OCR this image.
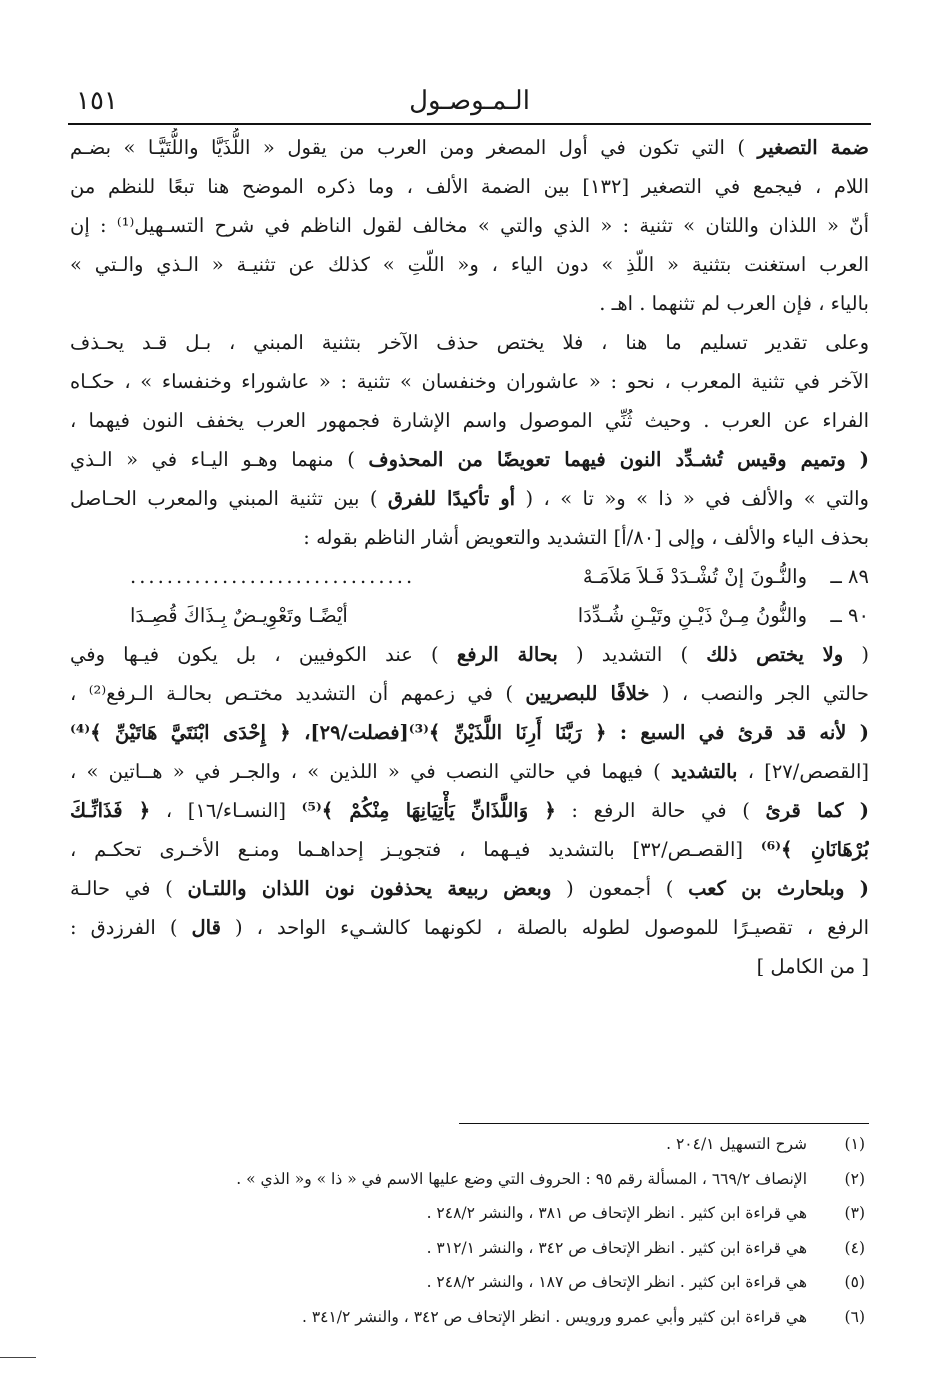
الـمـوصـول
١٥١
ضمة التصغير ) التي تكون في أول المصغر ومن العرب من يقول « اللُّذَيَّا واللُّتَيَّـا » بضـم
اللام ، فيجمع في التصغير [١٣٢] بين الضمة الألف ، وما ذكره الموضح هنا تبعًا للنظم من
أنّ « اللذان واللتان » تثنية : « الذي والتي » مخالف لقول الناظم في شرح التسـهيل⁽¹⁾ : إن
العرب استغنت بتثنية « اللّذِ » دون الياء ، و« اللّتِ » كذلك عن تثنيـة « الـذي والـتي »
بالياء ، فإن العرب لم تثنهما . اهـ .
وعلى تقدير تسليم ما هنا ، فلا يختص حذف الآخر بتثنية المبني ، بـل قـد يحـذف
الآخر في تثنية المعرب ، نحو : « عاشوران وخنفسان » تثنية : « عاشوراء وخنفساء » ، حكـاه
الفراء عن العرب . وحيث ثُنِّي الموصول واسم الإشارة فجمهور العرب يخفف النون فيهما ،
( وتميم وقيس تُشـدِّد النون فيهما تعويضًا من المحذوف ) منهما وهـو اليـاء في « الـذي
والتي » والألف في « ذا » و« تا » ، ( أو تأكيدًا للفرق ) بين تثنية المبني والمعرب الحـاصل
بحذف الياء والألف ، وإلى [٨٠/أ] التشديد والتعويض أشار الناظم بقوله :
٨٩ ــ
والنُّـونَ إنْ تُشْـدَدْ فَـلاَ مَلاَمَـهْ
...............................
٩٠ ــ
والنُّونُ مِـنْ ذَيْـنِ وتَيْـنِ شُـدِّدَا
أيْضًـا وتَعْوِيـضٌ بِـذَاكَ قُصِـدَا
( ولا يختص ذلك ) التشديد ( بحالة الرفع ) عند الكوفيين ، بل يكون فيـها وفي
حالتي الجر والنصب ، ( خلافًا للبصريين ) في زعمهم أن التشديد مختـص بحالـة الـرفع⁽²⁾ ،
( لأنه قد قرئ في السبع : ﴿ رَبَّنَا أَرِنَا اللَّذَيْنِّ ﴾⁽³⁾[فصلت/٢٩]، ﴿ إِحْدَى ابْنَتَيَّ هَاتَيْنِّ ﴾⁽⁴⁾
[القصص/٢٧] ، بالتشديد ) فيهما في حالتي النصب في « اللذين » ، والجـر في « هــاتين » ،
( كما قرئ ) في حالة الرفع : ﴿ وَاللَّذَانِّ يَأْتِيَانِهَا مِنْكُمْ ﴾⁽⁵⁾ [النسـاء/١٦] ، ﴿ فَذَانِّـكَ
بُرْهَانَانِ ﴾⁽⁶⁾ [القصـص/٣٢] بالتشديد فيـهما ، فتجويـز إحداهـما ومنـع الأخـرى تحكـم ،
( وبلحارث بن كعب ) أجمعون ( وبعض ربيعة يحذفون نون اللذان واللتـان ) في حالـة
الرفع ، تقصيـرًا للموصول لطوله بالصلة ، لكونهما كالشـيء الواحد ، ( قال ) الفرزدق :
[ من الكامل ]
(١)
شرح التسهيل ٢٠٤/١ .
(٢)
الإنصاف ٦٦٩/٢ ، المسألة رقم ٩٥ : الحروف التي وضع عليها الاسم في « ذا » و« الذي » .
(٣)
هي قراءة ابن كثير . انظر الإتحاف ص ٣٨١ ، والنشر ٢٤٨/٢ .
(٤)
هي قراءة ابن كثير . انظر الإتحاف ص ٣٤٢ ، والنشر ٣١٢/١ .
(٥)
هي قراءة ابن كثير . انظر الإتحاف ص ١٨٧ ، والنشر ٢٤٨/٢ .
(٦)
هي قراءة ابن كثير وأبي عمرو ورويس . انظر الإتحاف ص ٣٤٢ ، والنشر ٣٤١/٢ .
